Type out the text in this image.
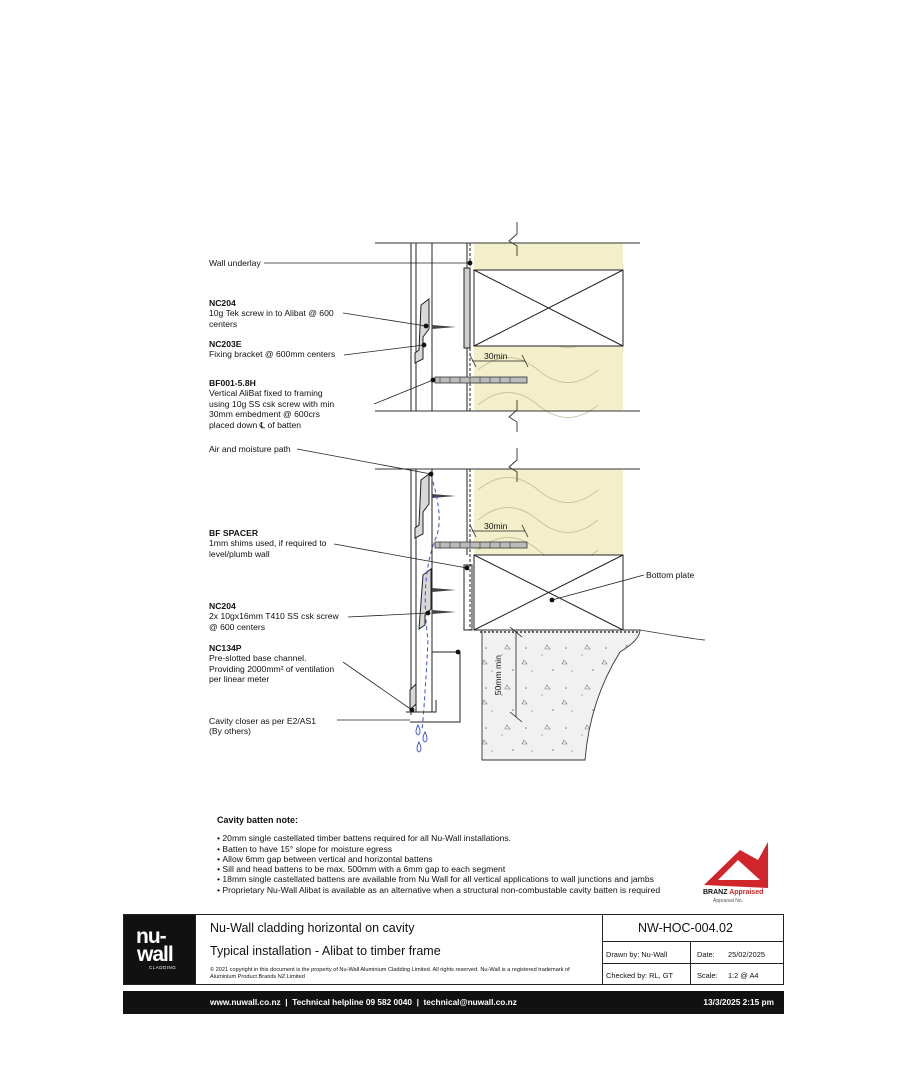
Wall underlay
NC204
10g Tek screw in to Alibat @ 600
centers
NC203E
Fixing bracket @ 600mm centers
BF001-5.8H
Vertical AliBat fixed to framing
using 10g SS csk screw with min
30mm embedment @ 600crs
placed down ℄ of batten
Air and moisture path
BF SPACER
1mm shims used, if required to
level/plumb wall
NC204
2x 10gx16mm T410 SS csk screw
@ 600 centers
NC134P
Pre-slotted base channel.
Providing 2000mm² of ventilation
per linear meter
Cavity closer as per E2/AS1
(By others)
Bottom plate
30min
30min
50mm min
Cavity batten note:
• 20mm single castellated timber battens required for all Nu-Wall installations.
• Batten to have 15° slope for moisture egress
• Allow 6mm gap between vertical and horizontal battens
• Sill and head battens to be max. 500mm with a 6mm gap to each segment
• 18mm single castellated battens are available from Nu Wall for all vertical applications to wall junctions and jambs
• Proprietary Nu-Wall Alibat is available as an alternative when a structural non-combustable cavity batten is required	BRANZ Appraised
Appraisal No.
nu-
wall
CLADDING
Nu-Wall cladding horizontal on cavity
Typical installation - Alibat to timber frame
© 2021 copyright in this document is the property of Nu-Wall Aluminium Cladding Limited. All rights reserved. Nu-Wall is a registered trademark of Aluminium Product Brands NZ Limited
NW-HOC-004.02
Drawn by: Nu-Wall	Date: 25/02/2025
Checked by: RL, GT	Scale: 1:2 @ A4
www.nuwall.co.nz  |  Technical helpline 09 582 0040  |  technical@nuwall.co.nz	13/3/2025 2:15 pm
